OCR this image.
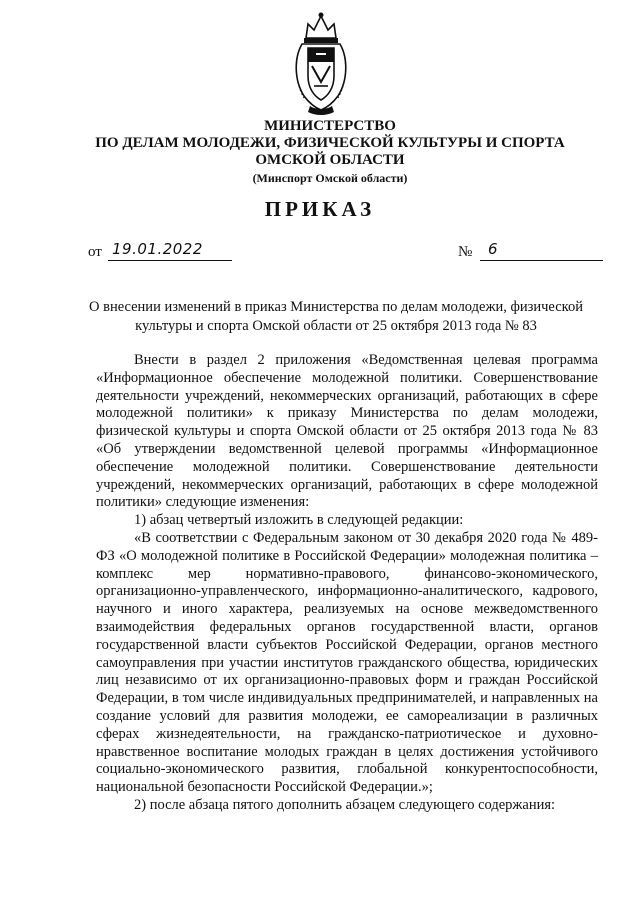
МИНИСТЕРСТВО

ПО ДЕЛАМ МОЛОДЕЖИ, ФИЗИЧЕСКОЙ КУЛЬТУРЫ И СПОРТА

ОМСКОЙ ОБЛАСТИ

(Минспорт Омской области)

ПРИКАЗ

от 19.01.2022	№ 6

О внесении изменений в приказ Министерства по делам молодежи, физической культуры и спорта Омской области от 25 октября 2013 года № 83

Внести в раздел 2 приложения «Ведомственная целевая программа «Информационное обеспечение молодежной политики. Совершенствование деятельности учреждений, некоммерческих организаций, работающих в сфере молодежной политики» к приказу Министерства по делам молодежи, физической культуры и спорта Омской области от 25 октября 2013 года № 83 «Об утверждении ведомственной целевой программы «Информационное обеспечение молодежной политики. Совершенствование деятельности учреждений, некоммерческих организаций, работающих в сфере молодежной политики» следующие изменения:

1) абзац четвертый изложить в следующей редакции:

«В соответствии с Федеральным законом от 30 декабря 2020 года № 489-ФЗ «О молодежной политике в Российской Федерации» молодежная политика – комплекс мер нормативно-правового, финансово-экономического, организационно-управленческого, информационно-аналитического, кадрового, научного и иного характера, реализуемых на основе межведомственного взаимодействия федеральных органов государственной власти, органов государственной власти субъектов Российской Федерации, органов местного самоуправления при участии институтов гражданского общества, юридических лиц независимо от их организационно-правовых форм и граждан Российской Федерации, в том числе индивидуальных предпринимателей, и направленных на создание условий для развития молодежи, ее самореализации в различных сферах жизнедеятельности, на гражданско-патриотическое и духовно-нравственное воспитание молодых граждан в целях достижения устойчивого социально-экономического развития, глобальной конкурентоспособности, национальной безопасности Российской Федерации.»;

2) после абзаца пятого дополнить абзацем следующего содержания:
